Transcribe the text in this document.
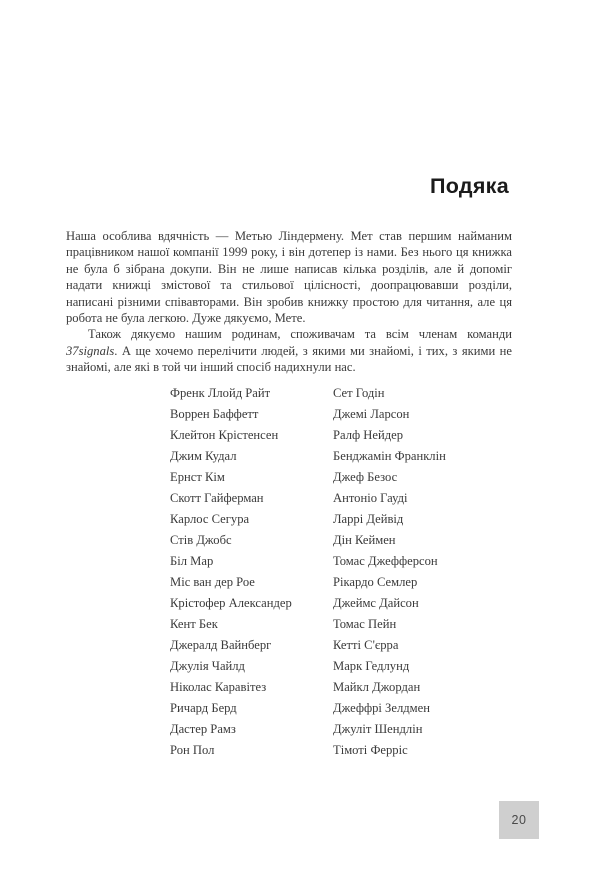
Подяка

Наша особлива вдячність — Метью Ліндермену. Мет став першим найманим працівником нашої компанії 1999 року, і він дотепер із нами. Без нього ця книжка не була б зібрана докупи. Він не лише написав кілька розділів, але й допоміг надати книжці змістової та стильової цілісності, доопрацювавши розділи, написані різними співавторами. Він зробив книжку простою для читання, але ця робота не була легкою. Дуже дякуємо, Мете.

Також дякуємо нашим родинам, споживачам та всім членам команди 37signals. А ще хочемо перелічити людей, з якими ми знайомі, і тих, з якими не знайомі, але які в той чи інший спосіб надихнули нас.

Френк Ллойд Райт
Воррен Баффетт
Клейтон Крістенсен
Джим Кудал
Ернст Кім
Скотт Гайферман
Карлос Сегура
Стів Джобс
Біл Мар
Міс ван дер Рое
Крістофер Александер
Кент Бек
Джералд Вайнберг
Джулія Чайлд
Ніколас Каравітез
Ричард Берд
Дастер Рамз
Рон Пол
Сет Годін
Джемі Ларсон
Ралф Нейдер
Бенджамін Франклін
Джеф Безос
Антоніо Гауді
Ларрі Дейвід
Дін Кеймен
Томас Джефферсон
Рікардо Семлер
Джеймс Дайсон
Томас Пейн
Кетті С'єрра
Марк Гедлунд
Майкл Джордан
Джеффрі Зелдмен
Джуліт Шендлін
Тімоті Ферріс
20
